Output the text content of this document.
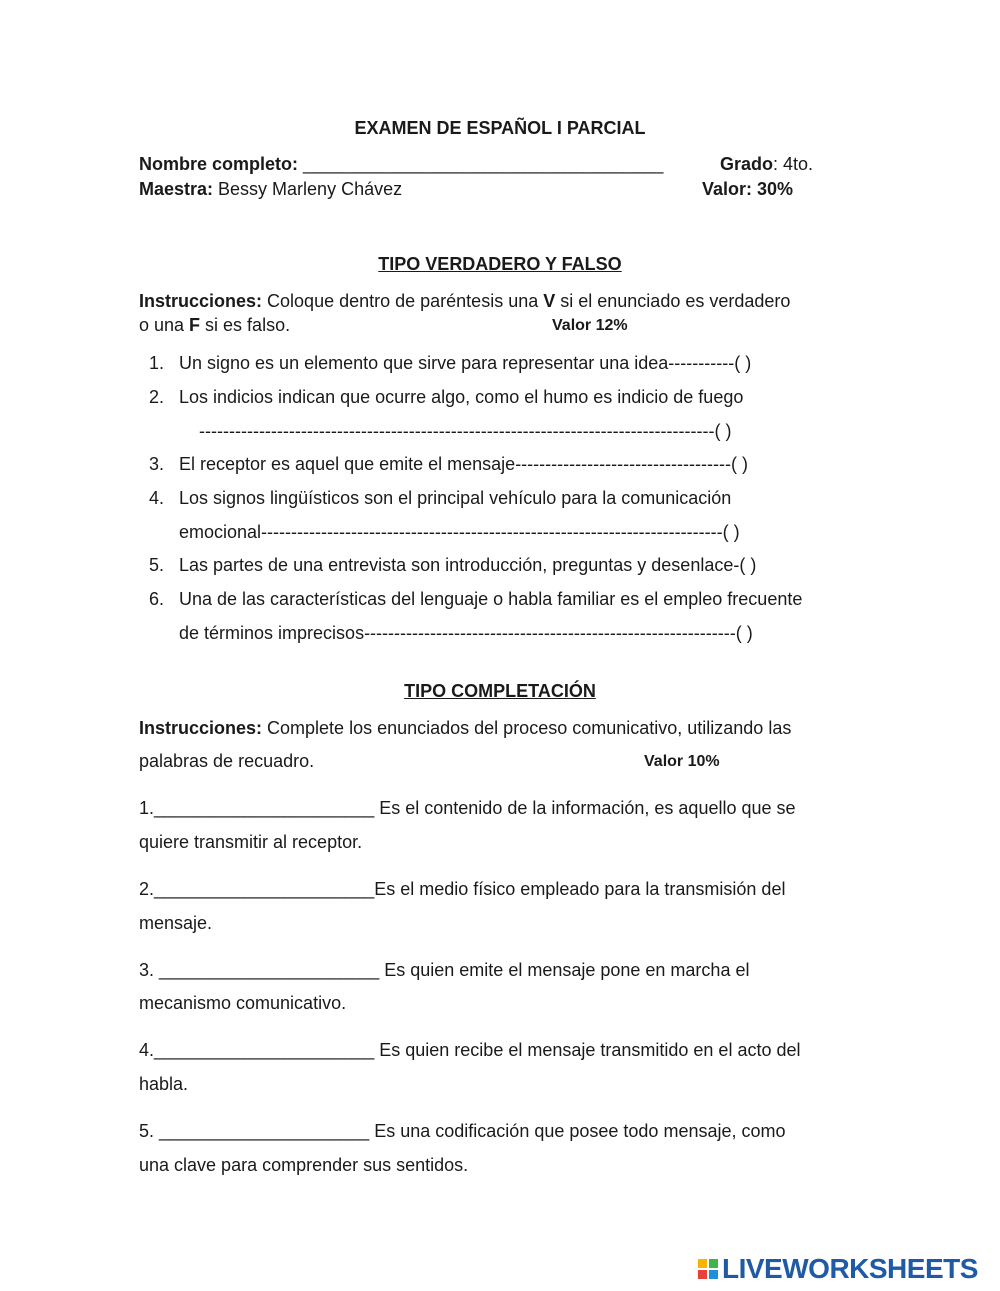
EXAMEN DE ESPAÑOL I PARCIAL
Nombre completo: ____________________________________	Grado: 4to.
Maestra: Bessy Marleny Chávez	Valor: 30%
TIPO VERDADERO Y FALSO
Instrucciones: Coloque dentro de paréntesis una V si el enunciado es verdadero
o una F si es falso.	Valor 12%
1. Un signo es un elemento que sirve para representar una idea-----------( )
2. Los indicios indican que ocurre algo, como el humo es indicio de fuego
--------------------------------------------------------------------------------------( )
3. El receptor es aquel que emite el mensaje------------------------------------( )
4. Los signos lingüísticos son el principal vehículo para la comunicación
emocional-----------------------------------------------------------------------------( )
5. Las partes de una entrevista son introducción, preguntas y desenlace-( )
6. Una de las características del lenguaje o habla familiar es el empleo frecuente
de términos imprecisos--------------------------------------------------------------( )
TIPO COMPLETACIÓN
Instrucciones: Complete los enunciados del proceso comunicativo, utilizando las
palabras de recuadro.	Valor 10%
1.______________________ Es el contenido de la información, es aquello que se
quiere transmitir al receptor.
2.______________________Es el medio físico empleado para la transmisión del
mensaje.
3. ______________________ Es quien emite el mensaje pone en marcha el
mecanismo comunicativo.
4.______________________ Es quien recibe el mensaje transmitido en el acto del
habla.
5. _____________________ Es una codificación que posee todo mensaje, como
una clave para comprender sus sentidos.
LIVEWORKSHEETS
